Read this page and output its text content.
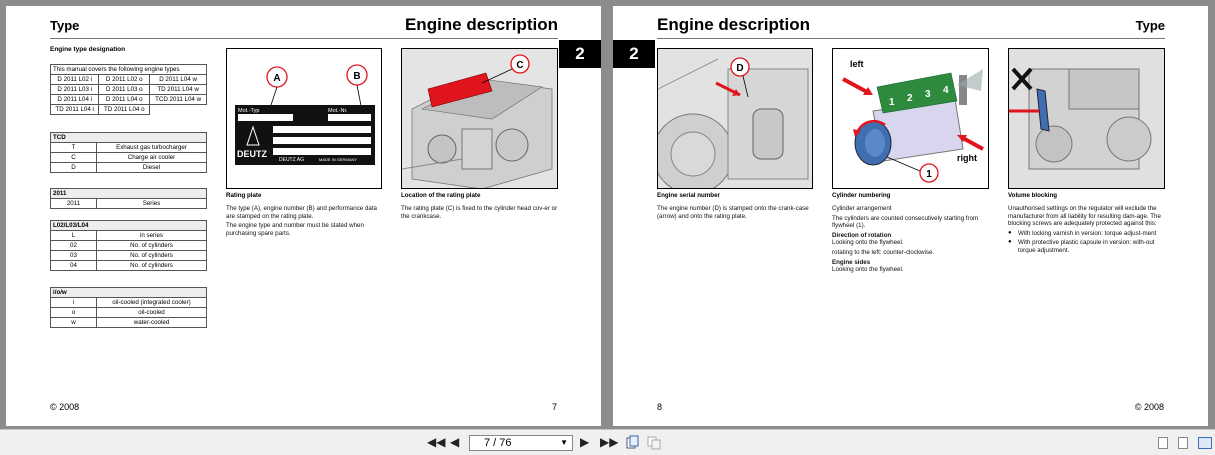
Type	Engine description
2
Engine type designation
This manual covers the following engine types		
D 2011 L02 i	D 2011 L02 o	D 2011 L04 w
D 2011 L03 i	D 2011 L03 o	TD 2011 L04 w
D 2011 L04 i	D 2011 L04 o	TCD 2011 L04 w
TD 2011 L04 i	TD 2011 L04 o	
TCD	
T	Exhaust gas turbocharger
C	Charge air cooler
D	Diesel
2011
2011	Series
L02/L03/L04	
L	in series
02	No. of cylinders
03	No. of cylinders
04	No. of cylinders
i/o/w	
i	oil-cooled (integrated cooler)
o	oil-cooled
w	water-cooled
A	B
Mot.-Typ	Mot.-Nr.
DEUTZ
DEUTZ AG	MADE IN GERMANY
Rating plate

The type (A), engine number (B) and performance data are stamped on the rating plate.

The engine type and number must be stated when purchasing spare parts.

C
Location of the rating plate

The rating plate (C) is fixed to the cylinder head cov-er or the crankcase.

© 2008	7
Engine description	Type
2
D
Engine serial number

The engine number (D) is stamped onto the crank-case (arrow) and onto the rating plate.

left
1 2 3 4
right
1
Cylinder numbering

Cylinder arrangement

The cylinders are counted consecutively starting from flywheel (1).

Direction of rotation

Looking onto the flywheel.

rotating to the left: counter-clockwise.

Engine sides

Looking onto the flywheel.

Volume blocking

Unauthorised settings on the regulator will exclude the manufacturer from all liability for resulting dam-age. The blocking screws are adequately protected against this:

● With locking varnish in version: torque adjust-ment
● With protective plastic capsule in version: with-out torque adjustment.
8	© 2008
◀◀ ◀ 7 / 76	▼ ▶ ▶▶
